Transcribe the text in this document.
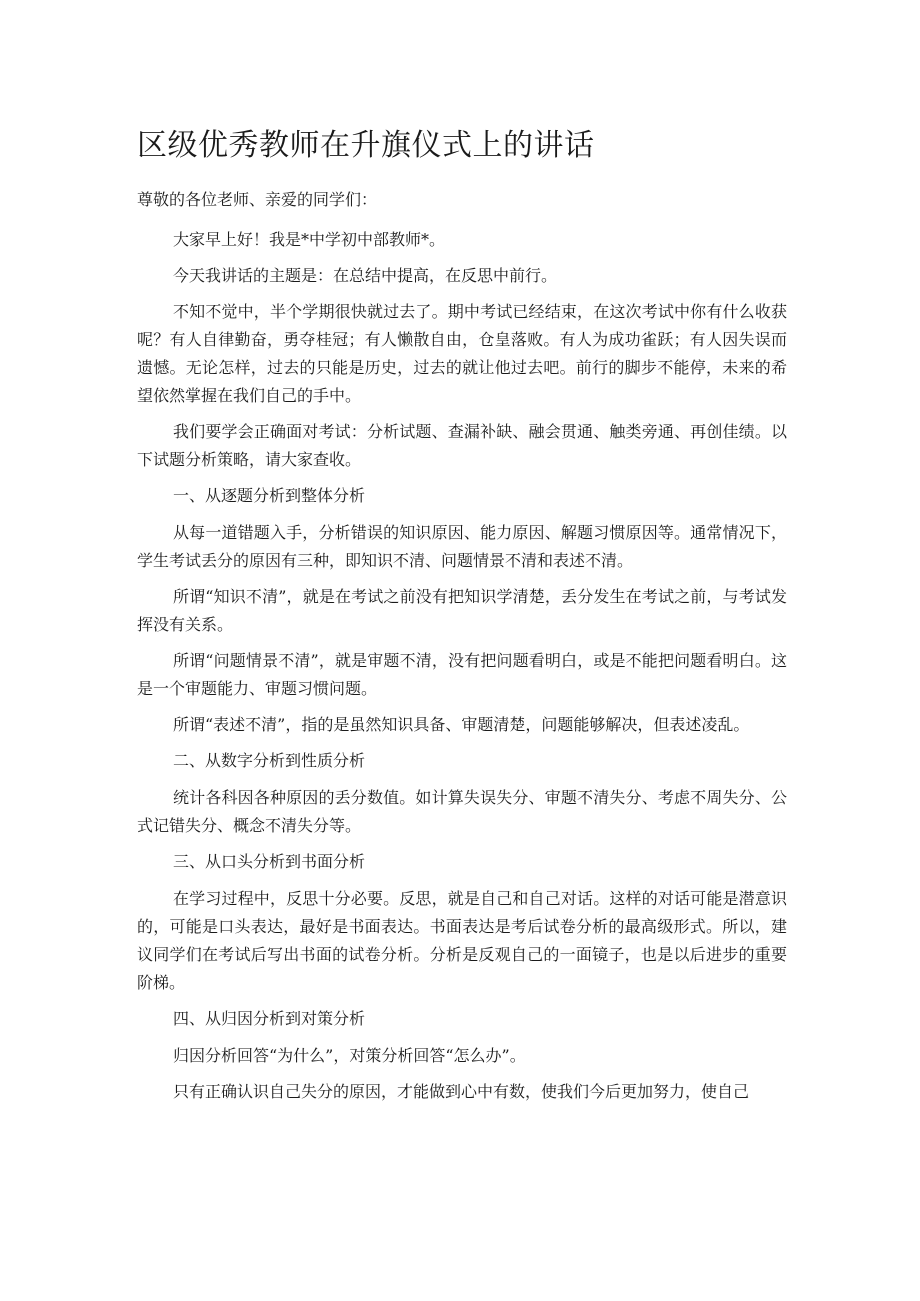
区级优秀教师在升旗仪式上的讲话

尊敬的各位老师、亲爱的同学们：

大家早上好！我是*中学初中部教师*。

今天我讲话的主题是：在总结中提高，在反思中前行。

不知不觉中，半个学期很快就过去了。期中考试已经结束，在这次考试中你有什么收获呢？有人自律勤奋，勇夺桂冠；有人懒散自由，仓皇落败。有人为成功雀跃；有人因失误而遗憾。无论怎样，过去的只能是历史，过去的就让他过去吧。前行的脚步不能停，未来的希望依然掌握在我们自己的手中。

我们要学会正确面对考试：分析试题、查漏补缺、融会贯通、触类旁通、再创佳绩。以下试题分析策略，请大家查收。

一、从逐题分析到整体分析

从每一道错题入手，分析错误的知识原因、能力原因、解题习惯原因等。通常情况下，学生考试丢分的原因有三种，即知识不清、问题情景不清和表述不清。

所谓“知识不清”，就是在考试之前没有把知识学清楚，丢分发生在考试之前，与考试发挥没有关系。

所谓“问题情景不清”，就是审题不清，没有把问题看明白，或是不能把问题看明白。这是一个审题能力、审题习惯问题。

所谓“表述不清”，指的是虽然知识具备、审题清楚，问题能够解决，但表述凌乱。

二、从数字分析到性质分析

统计各科因各种原因的丢分数值。如计算失误失分、审题不清失分、考虑不周失分、公式记错失分、概念不清失分等。

三、从口头分析到书面分析

在学习过程中，反思十分必要。反思，就是自己和自己对话。这样的对话可能是潜意识的，可能是口头表达，最好是书面表达。书面表达是考后试卷分析的最高级形式。所以，建议同学们在考试后写出书面的试卷分析。分析是反观自己的一面镜子，也是以后进步的重要阶梯。

四、从归因分析到对策分析

归因分析回答“为什么”，对策分析回答“怎么办”。

只有正确认识自己失分的原因，才能做到心中有数，使我们今后更加努力，使自己
